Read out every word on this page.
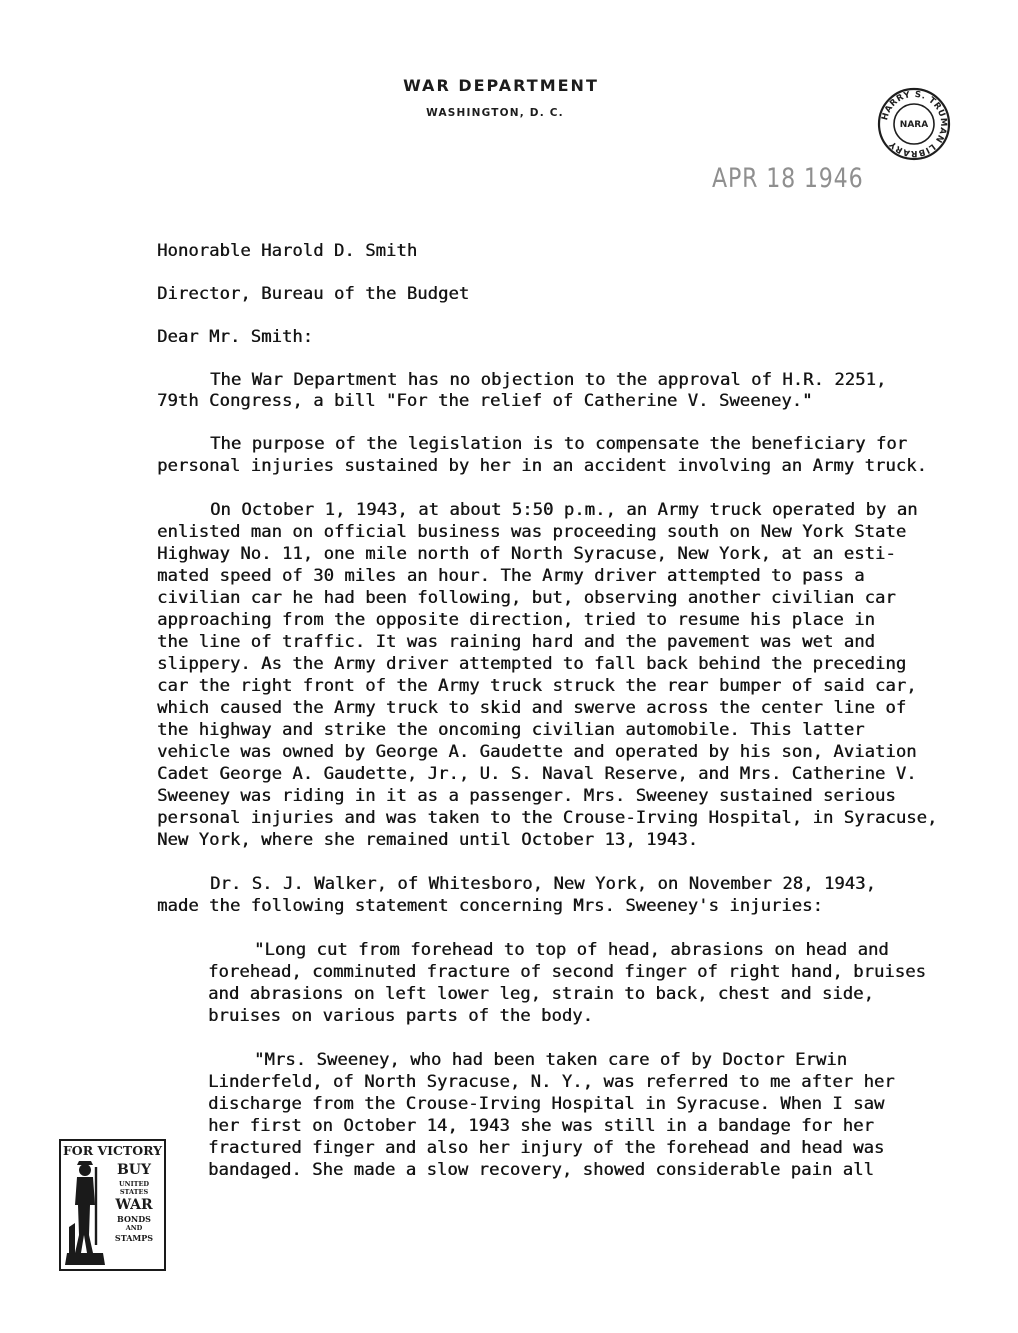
WAR DEPARTMENT
WASHINGTON, D. C.	HARRY S. TRUMAN LIBRARY
NARA
APR 18 1946
Honorable Harold D. Smith
Director, Bureau of the Budget
Dear Mr. Smith:
The War Department has no objection to the approval of H.R. 2251,
79th Congress, a bill "For the relief of Catherine V. Sweeney."
The purpose of the legislation is to compensate the beneficiary for
personal injuries sustained by her in an accident involving an Army truck.
On October 1, 1943, at about 5:50 p.m., an Army truck operated by an
enlisted man on official business was proceeding south on New York State
Highway No. 11, one mile north of North Syracuse, New York, at an esti-
mated speed of 30 miles an hour. The Army driver attempted to pass a
civilian car he had been following, but, observing another civilian car
approaching from the opposite direction, tried to resume his place in
the line of traffic. It was raining hard and the pavement was wet and
slippery. As the Army driver attempted to fall back behind the preceding
car the right front of the Army truck struck the rear bumper of said car,
which caused the Army truck to skid and swerve across the center line of
the highway and strike the oncoming civilian automobile. This latter
vehicle was owned by George A. Gaudette and operated by his son, Aviation
Cadet George A. Gaudette, Jr., U. S. Naval Reserve, and Mrs. Catherine V.
Sweeney was riding in it as a passenger. Mrs. Sweeney sustained serious
personal injuries and was taken to the Crouse-Irving Hospital, in Syracuse,
New York, where she remained until October 13, 1943.
Dr. S. J. Walker, of Whitesboro, New York, on November 28, 1943,
made the following statement concerning Mrs. Sweeney's injuries:
"Long cut from forehead to top of head, abrasions on head and
forehead, comminuted fracture of second finger of right hand, bruises
and abrasions on left lower leg, strain to back, chest and side,
bruises on various parts of the body.
"Mrs. Sweeney, who had been taken care of by Doctor Erwin
Linderfeld, of North Syracuse, N. Y., was referred to me after her
discharge from the Crouse-Irving Hospital in Syracuse. When I saw
her first on October 14, 1943 she was still in a bandage for her
fractured finger and also her injury of the forehead and head was
bandaged. She made a slow recovery, showed considerable pain all
FOR VICTORY
BUY
UNITED
STATES
WAR
BONDS
AND
STAMPS
